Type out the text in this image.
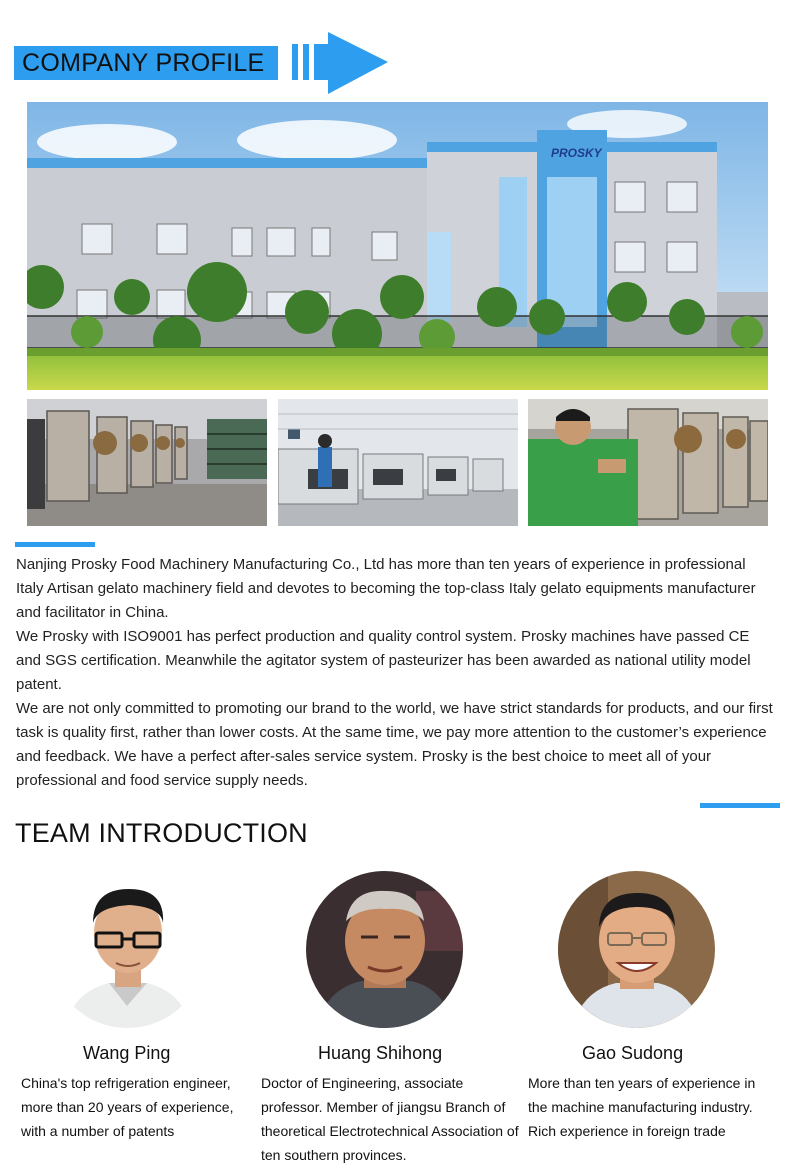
COMPANY PROFILE
PROSKY

Nanjing Prosky Food Machinery Manufacturing Co., Ltd has more than ten years of experience in professional Italy Artisan gelato machinery field and devotes to becoming the top-class Italy gelato equipments manufacturer and facilitator in China.

We Prosky with ISO9001 has perfect production and quality control system. Prosky machines have passed CE and SGS certification. Meanwhile the agitator system of pasteurizer has been awarded as national utility model patent.

We are not only committed to promoting our brand to the world, we have strict standards for products, and our first task is quality first, rather than lower costs. At the same time, we pay more attention to the customer’s experience and feedback. We have a perfect after-sales service system. Prosky is the best choice to meet all of your professional and food service supply needs.

TEAM INTRODUCTION
Wang Ping	Huang Shihong	Gao Sudong
China's top refrigeration engineer, more than 20 years of experience, with a number of patents
Doctor of Engineering, associate professor. Member of jiangsu Branch of theoretical Electrotechnical Association of ten southern provinces.
More than ten years of experience in the machine manufacturing industry. Rich experience in foreign trade
